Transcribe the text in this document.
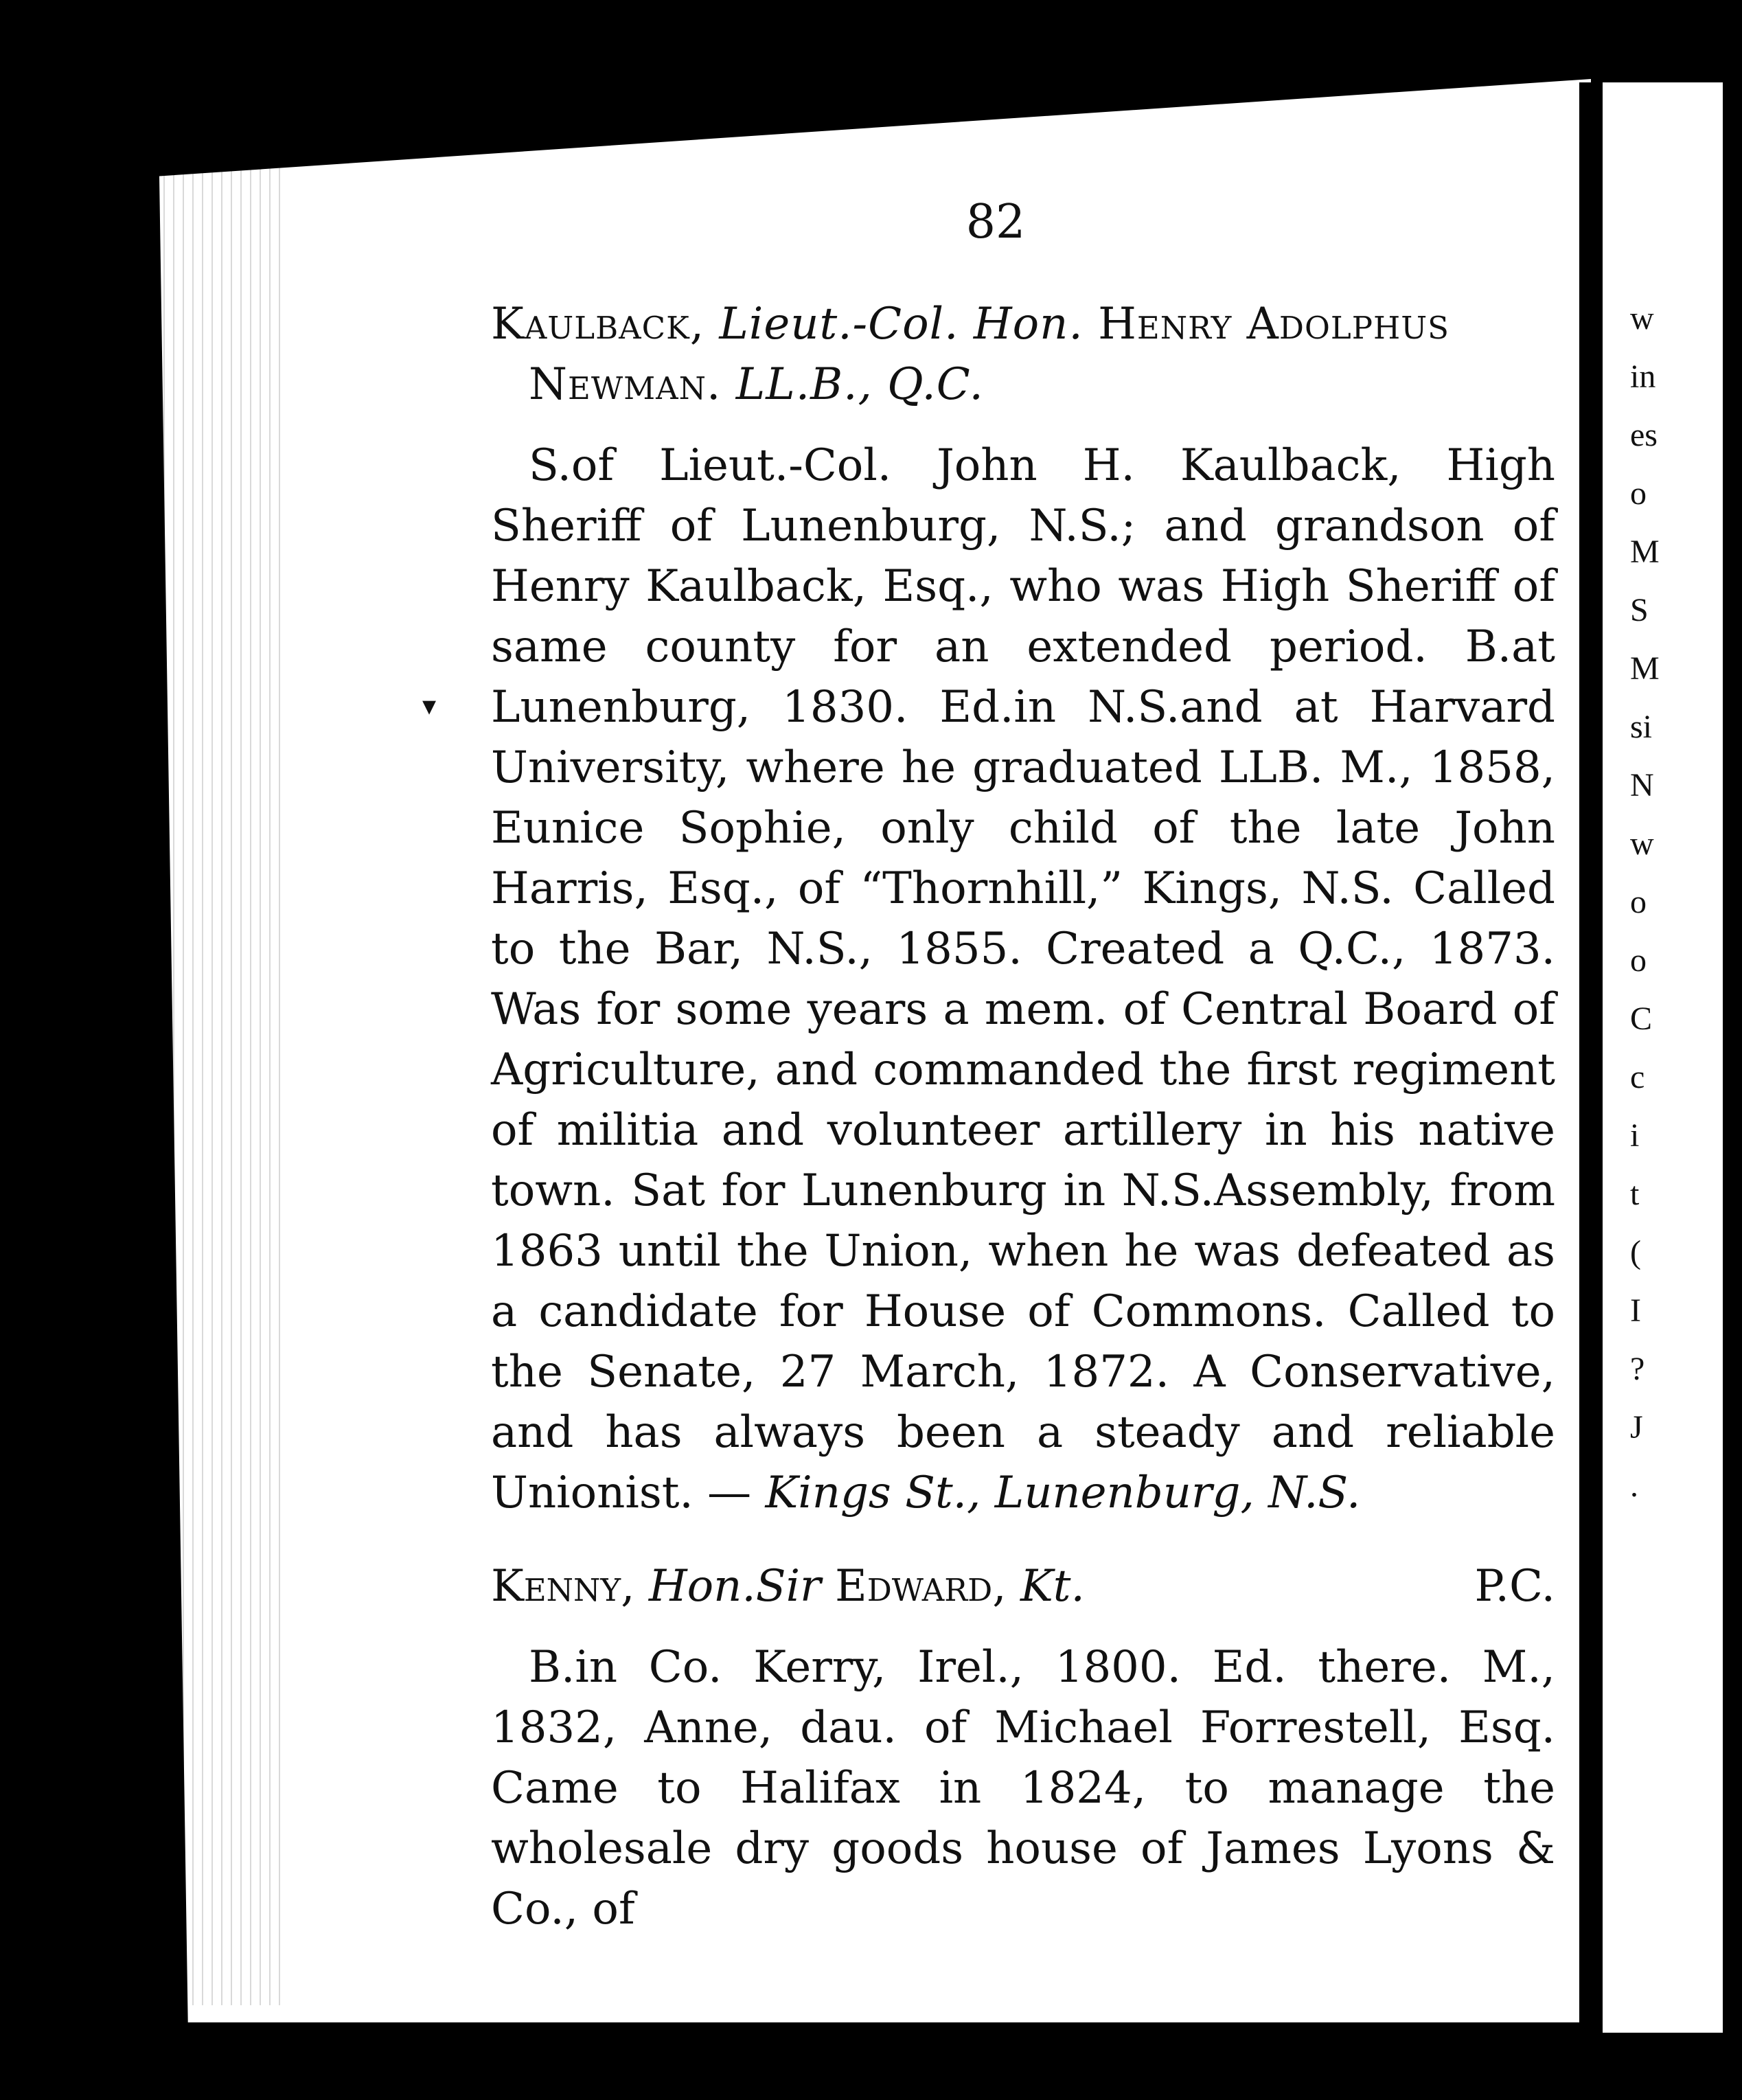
w
in
es
o
M
S
M
si
N
w
o
o
C
c
i
t
(
I
?
J
.
▾
82

Kaulback, Lieut.-Col. Hon. Henry Adolphus
Newman. LL.B., Q.C.

S.of Lieut.-Col. John H. Kaulback, High Sheriff of Lunenburg, N.S.; and grandson of Henry Kaulback, Esq., who was High Sheriff of same county for an extended period. B.at Lunenburg, 1830. Ed.in N.S.and at Harvard University, where he graduated LLB. M., 1858, Eunice Sophie, only child of the late John Harris, Esq., of “Thornhill,” Kings, N.S. Called to the Bar, N.S., 1855. Created a Q.C., 1873. Was for some years a mem. of Central Board of Agriculture, and commanded the first regiment of militia and volunteer artillery in his native town. Sat for Lunenburg in N.S.Assembly, from 1863 until the Union, when he was defeated as a candidate for House of Commons. Called to the Senate, 27 March, 1872. A Conservative, and has always been a steady and reliable Unionist. — Kings St., Lunenburg, N.S.

Kenny, Hon.Sir Edward, Kt.	P.C.

B.in Co. Kerry, Irel., 1800. Ed. there. M., 1832, Anne, dau. of Michael Forrestell, Esq. Came to Halifax in 1824, to manage the wholesale dry goods house of James Lyons & Co., of
